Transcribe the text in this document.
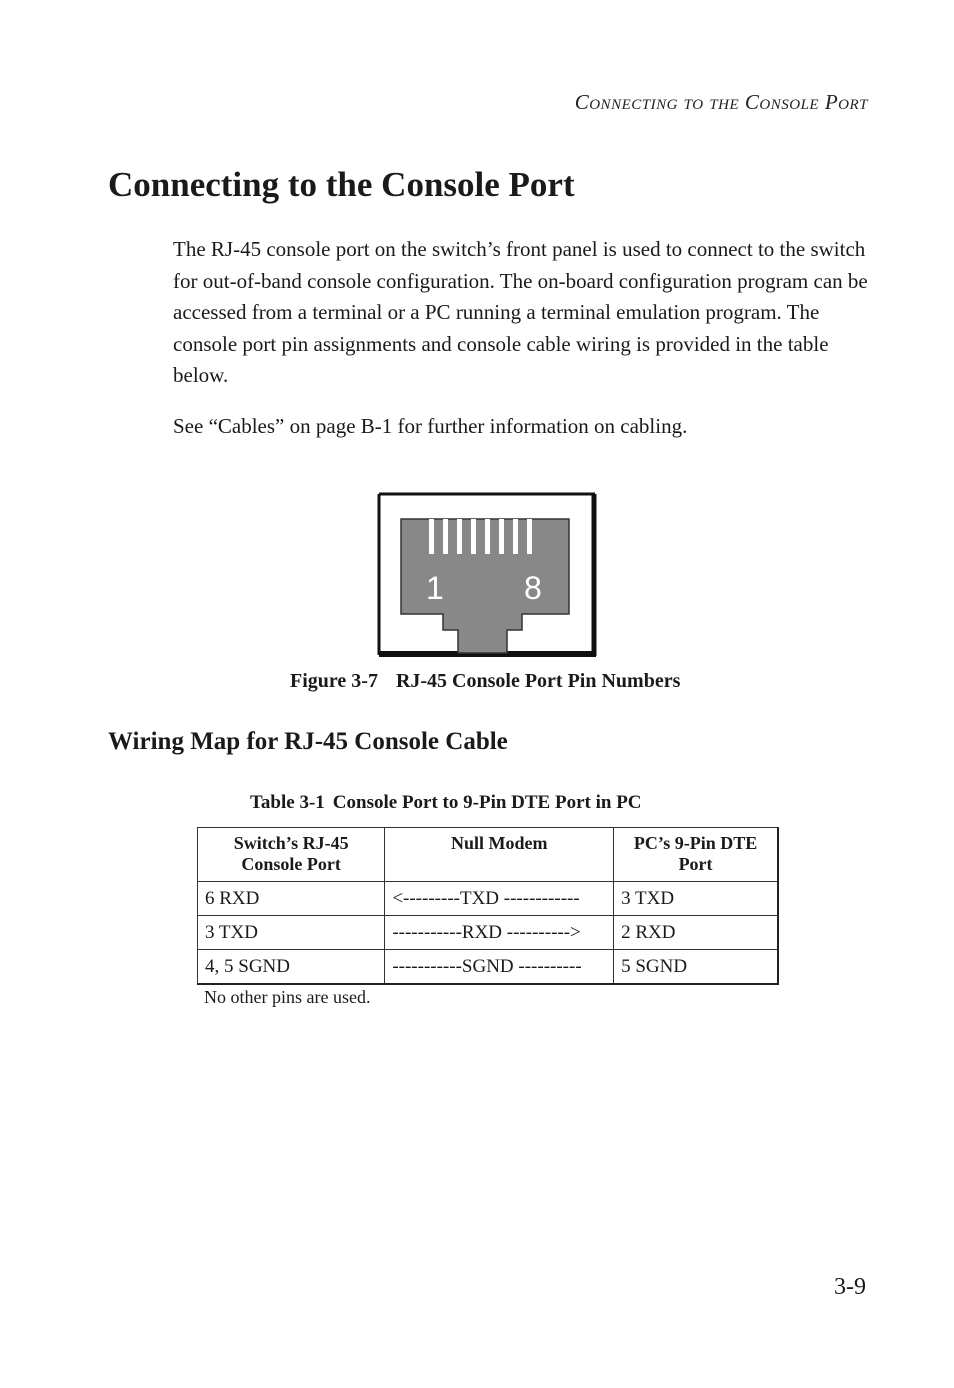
Connecting to the Console Port
Connecting to the Console Port

The RJ-45 console port on the switch’s front panel is used to connect to the switch for out-of-band console configuration. The on-board configuration program can be accessed from a terminal or a PC running a terminal emulation program. The console port pin assignments and console cable wiring is provided in the table below.

See “Cables” on page B-1 for further information on cabling.

1	8
Figure 3-7 RJ-45 Console Port Pin Numbers
Wiring Map for RJ-45 Console Cable
Table 3-1 Console Port to 9-Pin DTE Port in PC
Switch’s RJ-45 Console Port	Null Modem	PC’s 9-Pin DTE Port
6 RXD	<---------TXD ------------	3 TXD
3 TXD	-----------RXD ---------->	2 RXD
4, 5 SGND	-----------SGND ----------	5 SGND
No other pins are used.
3-9
